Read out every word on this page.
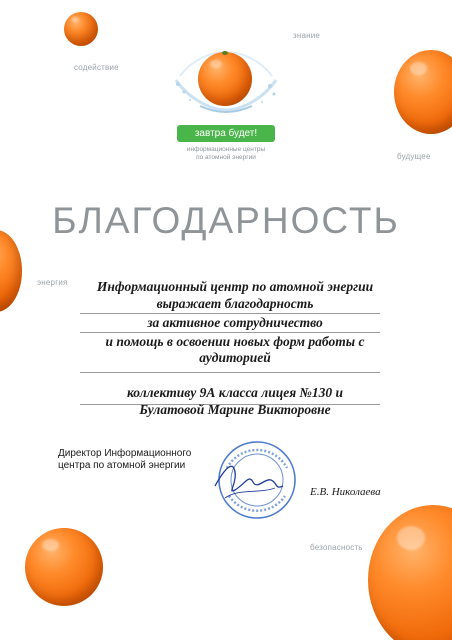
знание
содействие
будущее
энергия
безопасность
завтра будет!
информационные центры
по атомной энергии
БЛАГОДАРНОСТЬ
Информационный центр по атомной энергии
выражает благодарность
за активное сотрудничество
и помощь в освоении новых форм работы с
аудиторией
коллективу 9А класса лицея №130 и
Булатовой Марине Викторовне
Директор Информационного
центра по атомной энергии
Е.В. Николаева
